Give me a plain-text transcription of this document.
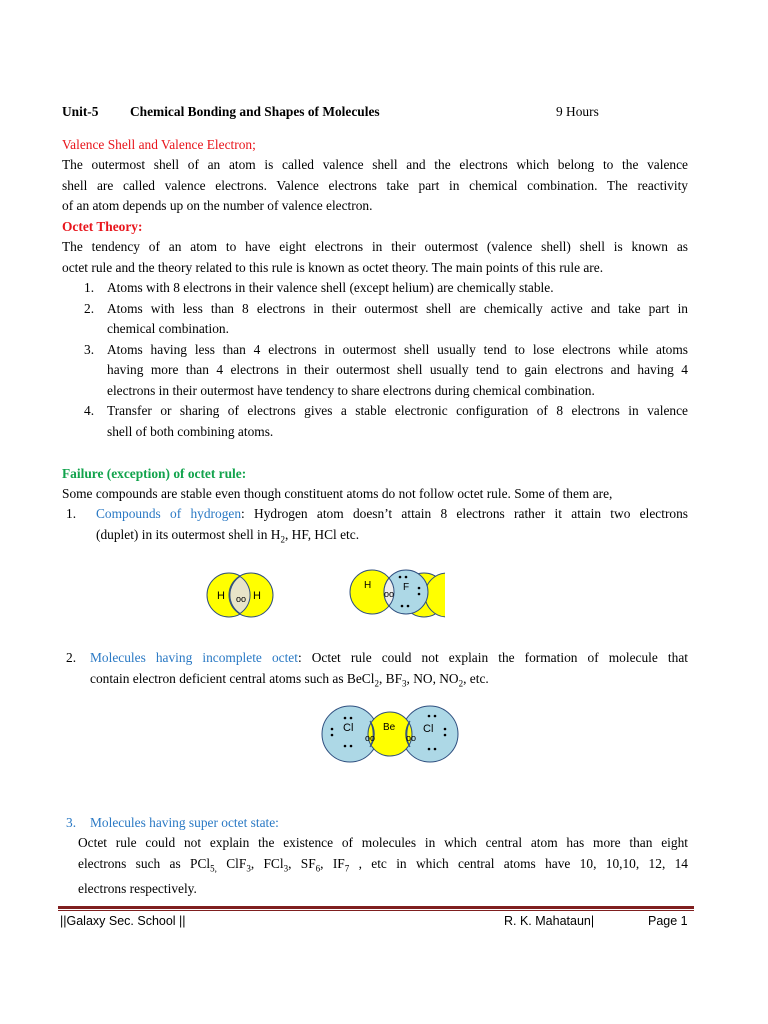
Unit-5 Chemical Bonding and Shapes of Molecules	9 Hours
Valence Shell and Valence Electron;
The outermost shell of an atom is called valence shell and the electrons which belong to the valence
shell are called valence electrons. Valence electrons take part in chemical combination. The reactivity
of an atom depends up on the number of valence electron.
Octet Theory:
The tendency of an atom to have eight electrons in their outermost (valence shell) shell is known as
octet rule and the theory related to this rule is known as octet theory. The main points of this rule are.
1. Atoms with 8 electrons in their valence shell (except helium) are chemically stable.
2. Atoms with less than 8 electrons in their outermost shell are chemically active and take part in
chemical combination.
3. Atoms having less than 4 electrons in outermost shell usually tend to lose electrons while atoms
having more than 4 electrons in their outermost shell usually tend to gain electrons and having 4
electrons in their outermost have tendency to share electrons during chemical combination.
4. Transfer or sharing of electrons gives a stable electronic configuration of 8 electrons in valence
shell of both combining atoms.
Failure (exception) of octet rule:
Some compounds are stable even though constituent atoms do not follow octet rule. Some of them are,
1. Compounds of hydrogen: Hydrogen atom doesn’t attain 8 electrons rather it attain two electrons
(duplet) in its outermost shell in $H_2$, HF, HCl etc.
H	H
oo
H	F
oo
2. Molecules having incomplete octet: Octet rule could not explain the formation of molecule that
contain electron deficient central atoms such as BeCl$_2$, $BF_3$, NO, $NO_2$, etc.
Cl	Be	Cl
oo	oo
3. Molecules having super octet state:
Octet rule could not explain the existence of molecules in which central atom has more than eight
electrons such as PCl$_{5,}$ ClF$_3$, FCl$_3$, $SF_6$, $IF_7$ , etc in which central atoms have 10, 10,10, 12, 14
electrons respectively.
||Galaxy Sec. School ||	R. K. Mahataun|	Page 1
